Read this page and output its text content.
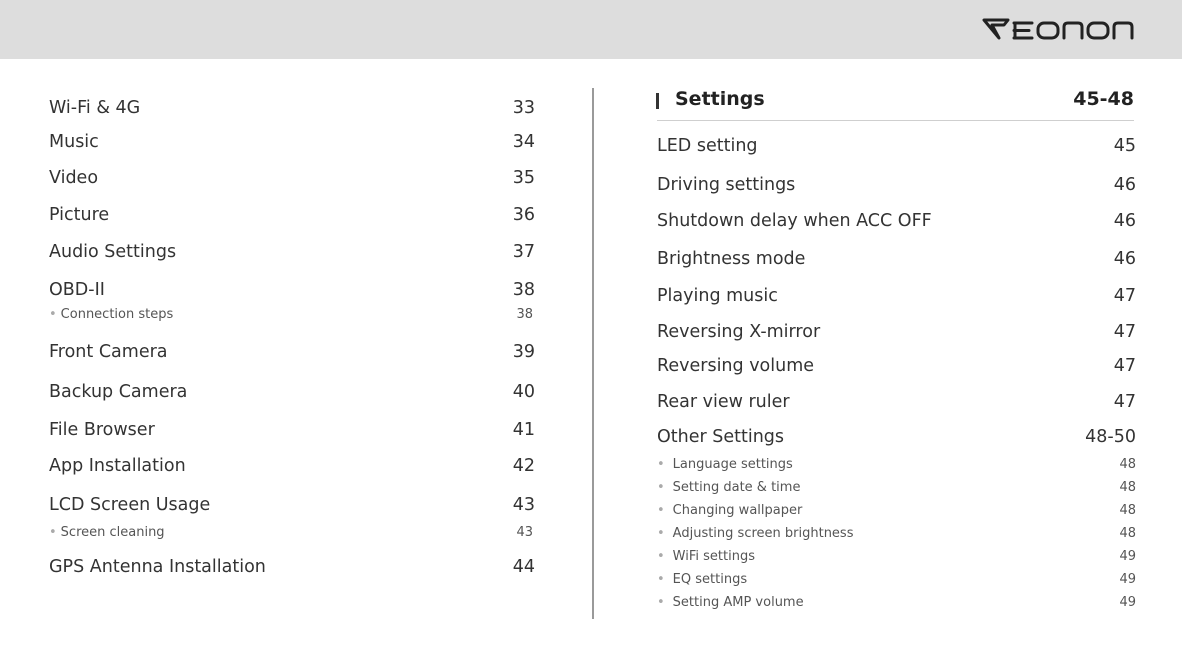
Wi-Fi & 4G	33
Music	34
Video	35
Picture	36
Audio Settings	37
OBD-II	38
• Connection steps	38
Front Camera	39
Backup Camera	40
File Browser	41
App Installation	42
LCD Screen Usage	43
• Screen cleaning	43
GPS Antenna Installation	44
Settings	45-48
LED setting	45
Driving settings	46
Shutdown delay when ACC OFF	46
Brightness mode	46
Playing music	47
Reversing X-mirror	47
Reversing volume	47
Rear view ruler	47
Other Settings	48-50
• Language settings	48
• Setting date & time	48
• Changing wallpaper	48
• Adjusting screen brightness	48
• WiFi settings	49
• EQ settings	49
• Setting AMP volume	49
